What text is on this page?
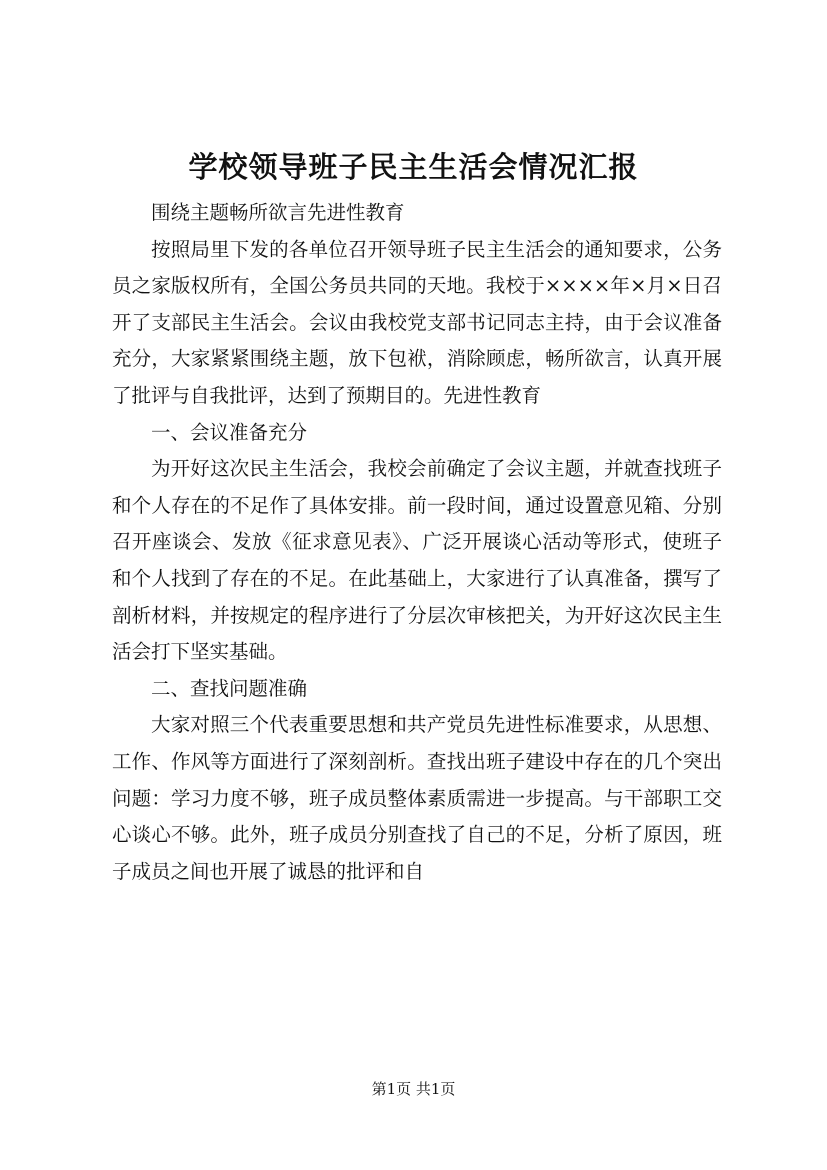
学校领导班子民主生活会情况汇报

围绕主题畅所欲言先进性教育

按照局里下发的各单位召开领导班子民主生活会的通知要求，公务员之家版权所有，全国公务员共同的天地。我校于××××年×月×日召开了支部民主生活会。会议由我校党支部书记同志主持，由于会议准备充分，大家紧紧围绕主题，放下包袱，消除顾虑，畅所欲言，认真开展了批评与自我批评，达到了预期目的。先进性教育

一、会议准备充分

为开好这次民主生活会，我校会前确定了会议主题，并就查找班子和个人存在的不足作了具体安排。前一段时间，通过设置意见箱、分别召开座谈会、发放《征求意见表》、广泛开展谈心活动等形式，使班子和个人找到了存在的不足。在此基础上，大家进行了认真准备，撰写了剖析材料，并按规定的程序进行了分层次审核把关，为开好这次民主生活会打下坚实基础。

二、查找问题准确

大家对照三个代表重要思想和共产党员先进性标准要求，从思想、工作、作风等方面进行了深刻剖析。查找出班子建设中存在的几个突出问题：学习力度不够，班子成员整体素质需进一步提高。与干部职工交心谈心不够。此外，班子成员分别查找了自己的不足，分析了原因，班子成员之间也开展了诚恳的批评和自

第1页 共1页
